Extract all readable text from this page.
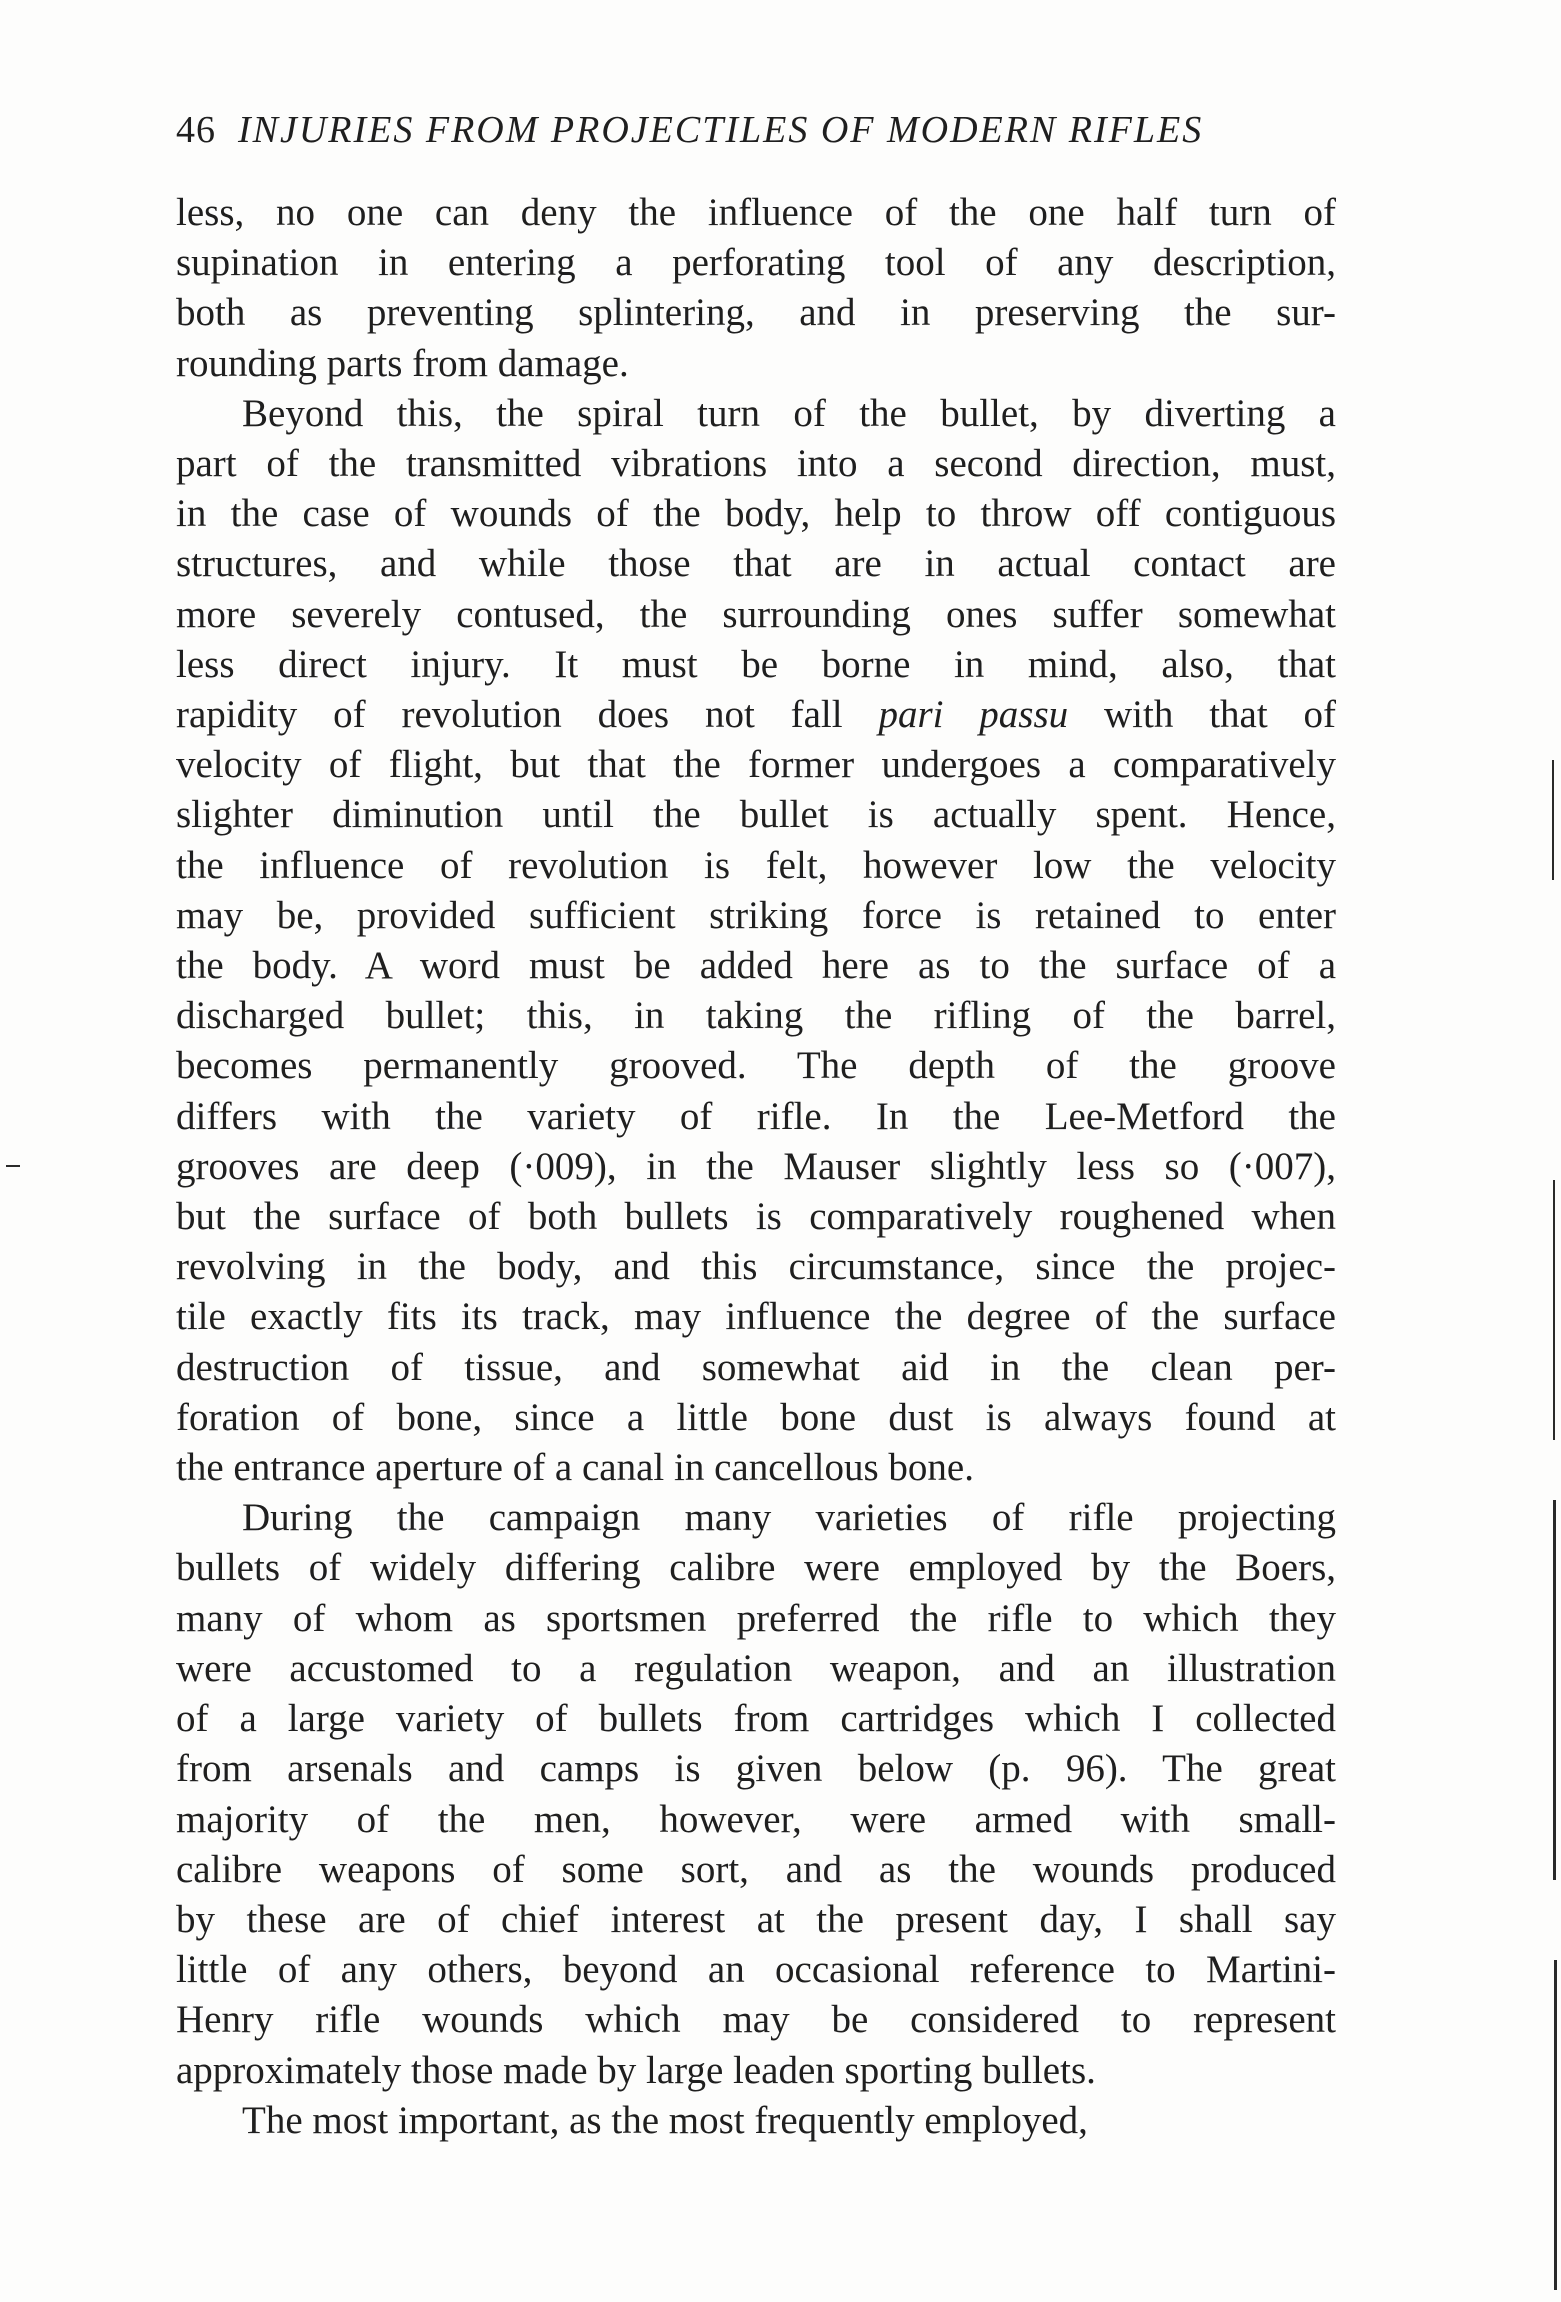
46 INJURIES FROM PROJECTILES OF MODERN RIFLES

less, no one can deny the influence of the one half turn of
supination in entering a perforating tool of any description,
both as preventing splintering, and in preserving the sur-
rounding parts from damage.

Beyond this, the spiral turn of the bullet, by diverting a
part of the transmitted vibrations into a second direction, must,
in the case of wounds of the body, help to throw off contiguous
structures, and while those that are in actual contact are
more severely contused, the surrounding ones suffer somewhat
less direct injury. It must be borne in mind, also, that
rapidity of revolution does not fall pari passu with that of
velocity of flight, but that the former undergoes a comparatively
slighter diminution until the bullet is actually spent. Hence,
the influence of revolution is felt, however low the velocity
may be, provided sufficient striking force is retained to enter
the body. A word must be added here as to the surface of a
discharged bullet; this, in taking the rifling of the barrel,
becomes permanently grooved. The depth of the groove
differs with the variety of rifle. In the Lee-Metford the
grooves are deep (·009), in the Mauser slightly less so (·007),
but the surface of both bullets is comparatively roughened when
revolving in the body, and this circumstance, since the projec-
tile exactly fits its track, may influence the degree of the surface
destruction of tissue, and somewhat aid in the clean per-
foration of bone, since a little bone dust is always found at
the entrance aperture of a canal in cancellous bone.

During the campaign many varieties of rifle projecting
bullets of widely differing calibre were employed by the Boers,
many of whom as sportsmen preferred the rifle to which they
were accustomed to a regulation weapon, and an illustration
of a large variety of bullets from cartridges which I collected
from arsenals and camps is given below (p. 96). The great
majority of the men, however, were armed with small-
calibre weapons of some sort, and as the wounds produced
by these are of chief interest at the present day, I shall say
little of any others, beyond an occasional reference to Martini-
Henry rifle wounds which may be considered to represent
approximately those made by large leaden sporting bullets.

The most important, as the most frequently employed,
